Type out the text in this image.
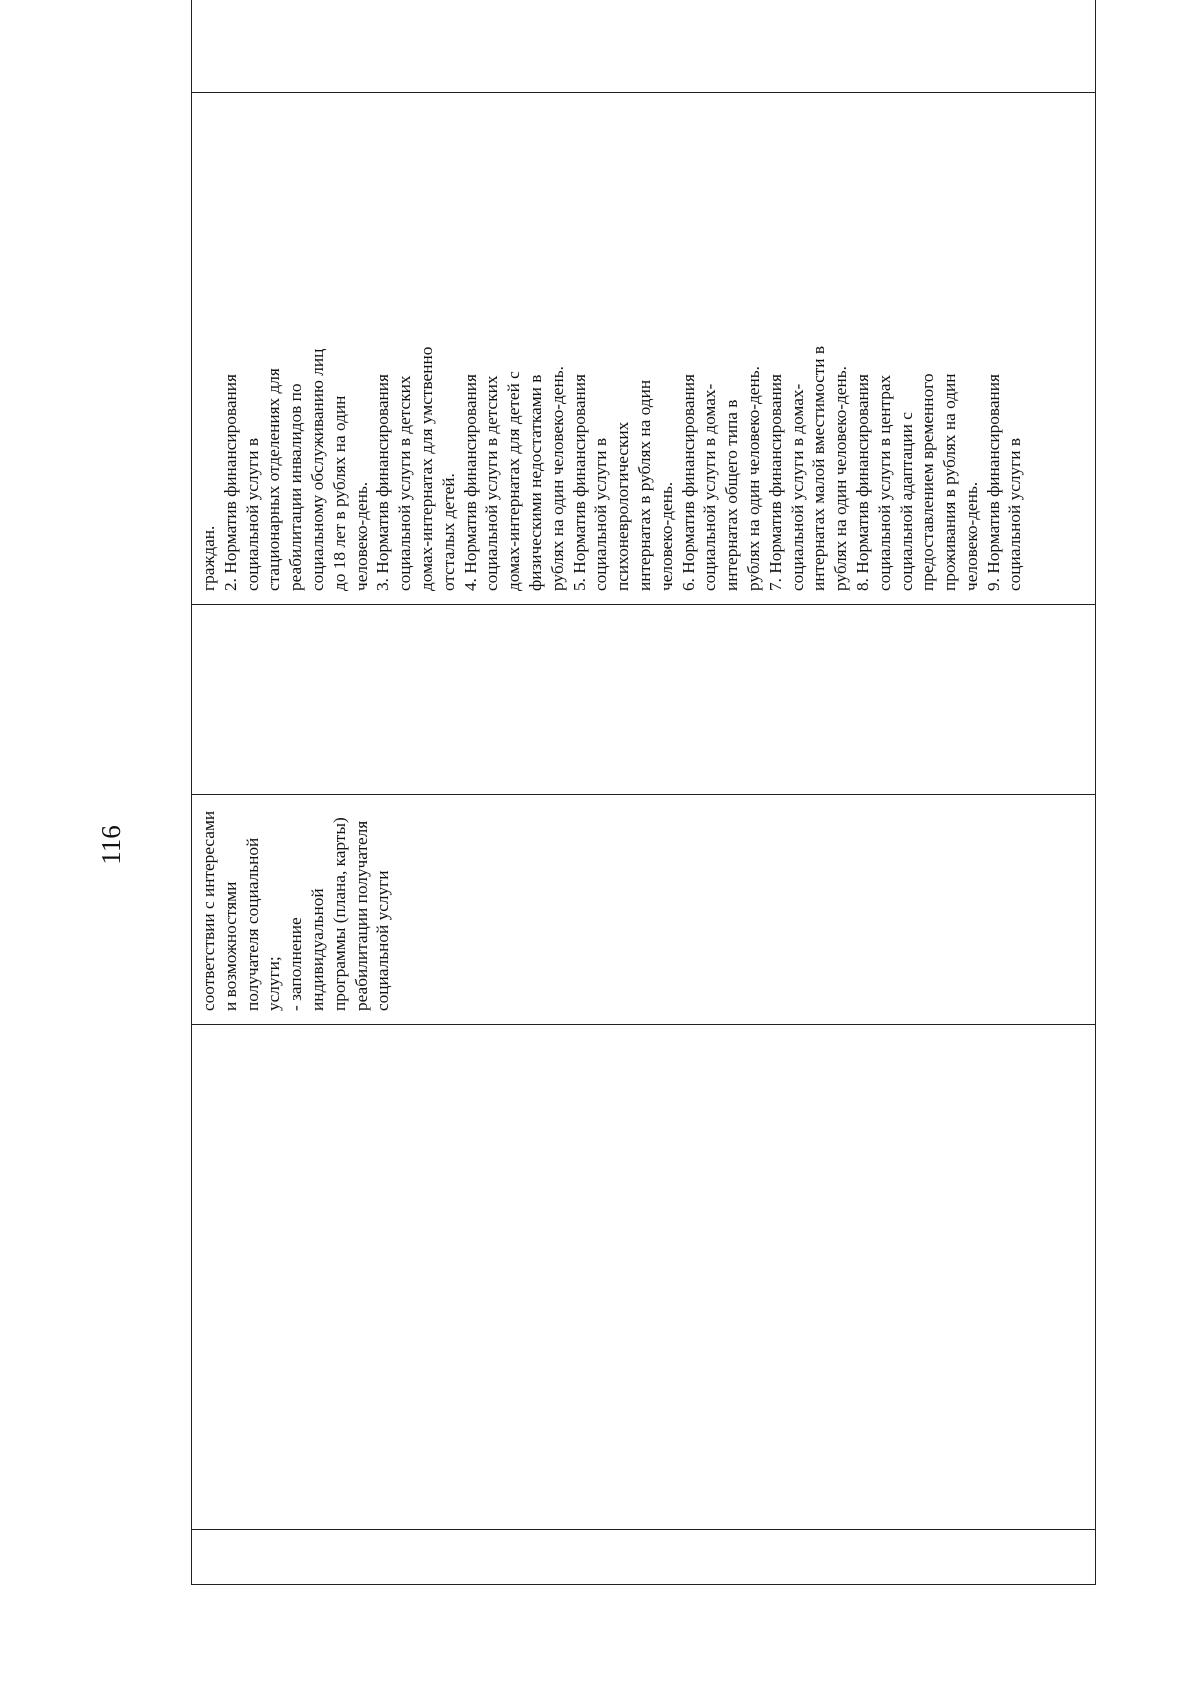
116

соответствии с интересами
и возможностями
получателя социальной
услуги;
- заполнение
индивидуальной
программы (плана, карты)
реабилитации получателя
социальной услуги

граждан.
2. Норматив финансирования
социальной услуги в
стационарных отделениях для
реабилитации инвалидов по
социальному обслуживанию лиц
до 18 лет в рублях на один
человеко-день.
3. Норматив финансирования
социальной услуги в детских
домах-интернатах для умственно
отсталых детей.
4. Норматив финансирования
социальной услуги в детских
домах-интернатах для детей с
физическими недостатками в
рублях на один человеко-день.
5. Норматив финансирования
социальной услуги в
психоневрологических
интернатах в рублях на один
человеко-день.
6. Норматив финансирования
социальной услуги в домах-
интернатах общего типа в
рублях на один человеко-день.
7. Норматив финансирования
социальной услуги в домах-
интернатах малой вместимости в
рублях на один человеко-день.
8. Норматив финансирования
социальной услуги в центрах
социальной адаптации с
предоставлением временного
проживания в рублях на один
человеко-день.
9. Норматив финансирования
социальной услуги в
